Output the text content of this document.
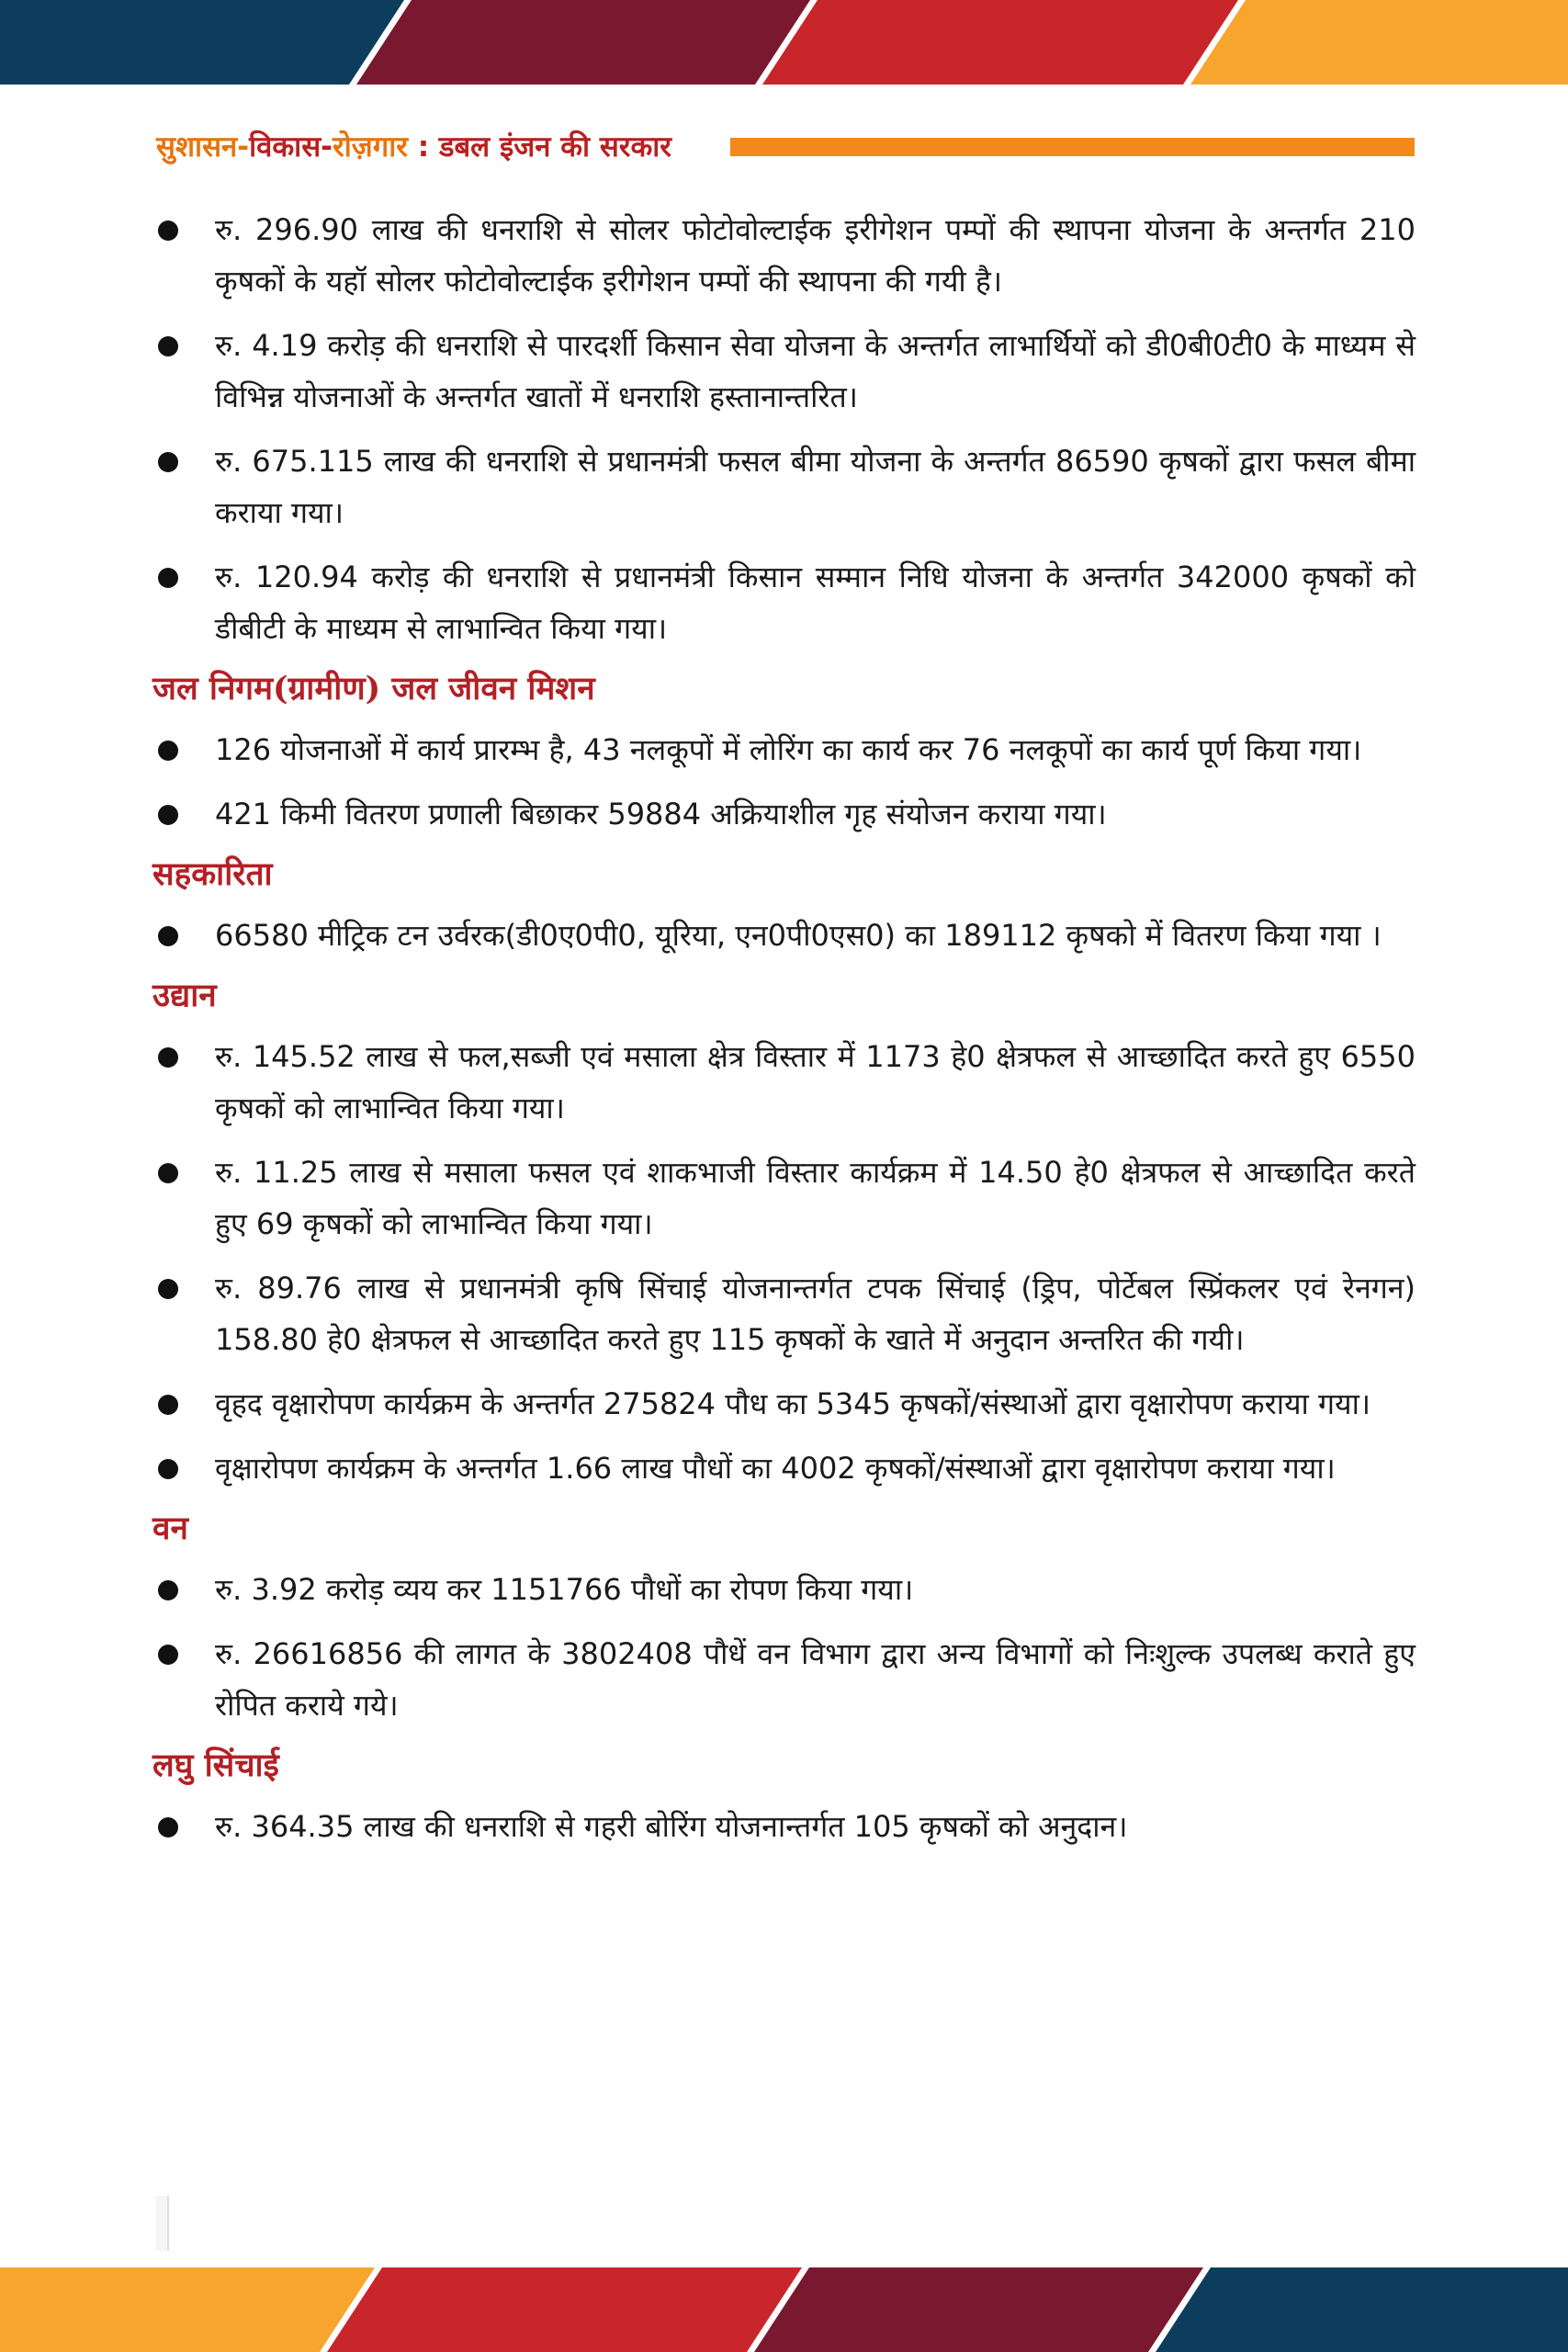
सुशासन-विकास-रोज़गार : डबल इंजन की सरकार
रु. 296.90 लाख की धनराशि से सोलर फोटोवोल्टाईक इरीगेशन पम्पों की स्थापना योजना के अन्तर्गत 210 कृषकों के यहॉ सोलर फोटोवोल्टाईक इरीगेशन पम्पों की स्थापना की गयी है।
रु. 4.19 करोड़ की धनराशि से पारदर्शी किसान सेवा योजना के अन्तर्गत लाभार्थियों को डी0बी0टी0 के माध्यम से विभिन्न योजनाओं के अन्तर्गत खातों में धनराशि हस्तानान्तरित।
रु. 675.115 लाख की धनराशि से प्रधानमंत्री फसल बीमा योजना के अन्तर्गत 86590 कृषकों द्वारा फसल बीमा कराया गया।
रु. 120.94 करोड़ की धनराशि से प्रधानमंत्री किसान सम्मान निधि योजना के अन्तर्गत 342000 कृषकों को डीबीटी के माध्यम से लाभान्वित किया गया।
जल निगम(ग्रामीण) जल जीवन मिशन
126 योजनाओं में कार्य प्रारम्भ है, 43 नलकूपों में लोरिंग का कार्य कर 76 नलकूपों का कार्य पूर्ण किया गया।
421 किमी वितरण प्रणाली बिछाकर 59884 अक्रियाशील गृह संयोजन कराया गया।
सहकारिता
66580 मीट्रिक टन उर्वरक(डी0ए0पी0, यूरिया, एन0पी0एस0) का 189112 कृषको में वितरण किया गया ।
उद्यान
रु. 145.52 लाख से फल,सब्जी एवं मसाला क्षेत्र विस्तार में 1173 हे0 क्षेत्रफल से आच्छादित करते हुए 6550 कृषकों को लाभान्वित किया गया।
रु. 11.25 लाख से मसाला फसल एवं शाकभाजी विस्तार कार्यक्रम में 14.50 हे0 क्षेत्रफल से आच्छादित करते हुए 69 कृषकों को लाभान्वित किया गया।
रु. 89.76 लाख से प्रधानमंत्री कृषि सिंचाई योजनान्तर्गत टपक सिंचाई (ड्रिप, पोर्टेबल स्प्रिंकलर एवं रेनगन) 158.80 हे0 क्षेत्रफल से आच्छादित करते हुए 115 कृषकों के खाते में अनुदान अन्तरित की गयी।
वृहद वृक्षारोपण कार्यक्रम के अन्तर्गत 275824 पौध का 5345 कृषकों/संस्थाओं द्वारा वृक्षारोपण कराया गया।
वृक्षारोपण कार्यक्रम के अन्तर्गत 1.66 लाख पौधों का 4002 कृषकों/संस्थाओं द्वारा वृक्षारोपण कराया गया।
वन
रु. 3.92 करोड़ व्यय कर 1151766 पौधों का रोपण किया गया।
रु. 26616856 की लागत के 3802408 पौधें वन विभाग द्वारा अन्य विभागों को निःशुल्क उपलब्ध कराते हुए रोपित कराये गये।
लघु सिंचाई
रु. 364.35 लाख की धनराशि से गहरी बोरिंग योजनान्तर्गत 105 कृषकों को अनुदान।
46
